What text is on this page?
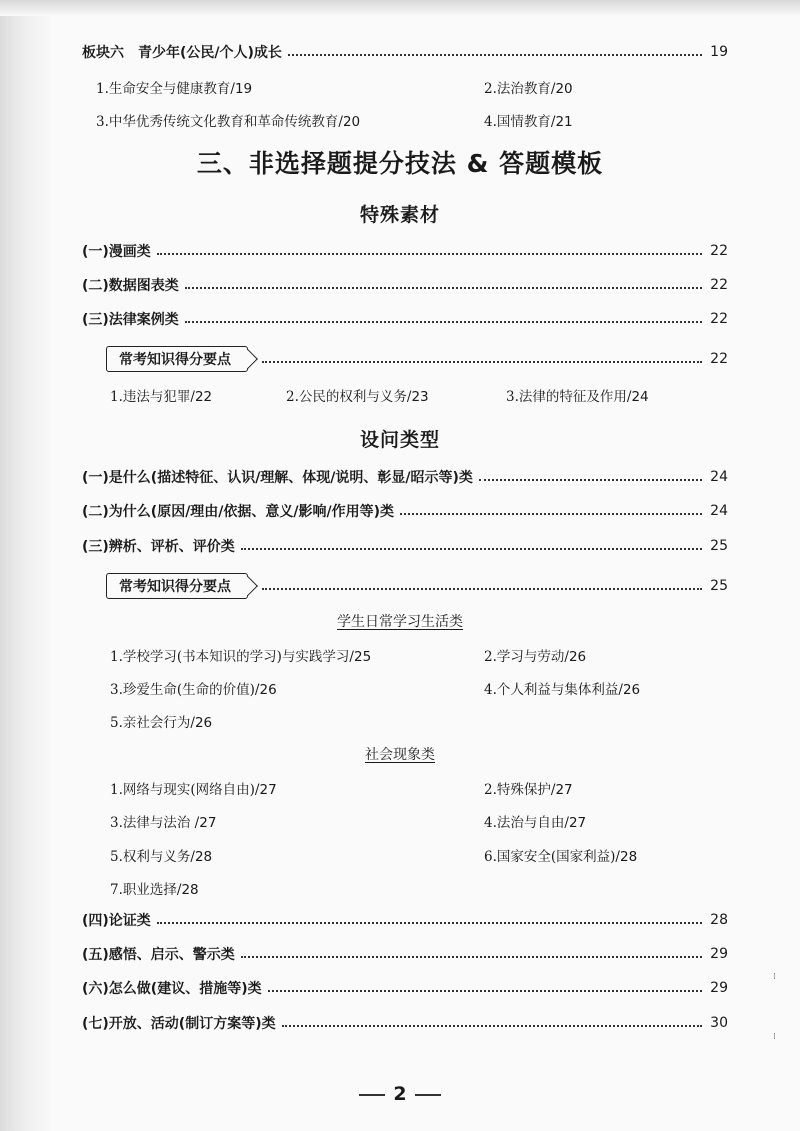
板块六　青少年(公民/个人)成长	19
1.生命安全与健康教育/19	2.法治教育/20
3.中华优秀传统文化教育和革命传统教育/20	4.国情教育/21
三、非选择题提分技法 & 答题模板
特殊素材
(一)漫画类	22
(二)数据图表类	22
(三)法律案例类	22
常考知识得分要点	22
1.违法与犯罪/22	2.公民的权利与义务/23	3.法律的特征及作用/24
设问类型
(一)是什么(描述特征、认识/理解、体现/说明、彰显/昭示等)类	24
(二)为什么(原因/理由/依据、意义/影响/作用等)类	24
(三)辨析、评析、评价类	25
常考知识得分要点	25
学生日常学习生活类
1.学校学习(书本知识的学习)与实践学习/25	2.学习与劳动/26
3.珍爱生命(生命的价值)/26	4.个人利益与集体利益/26
5.亲社会行为/26
社会现象类
1.网络与现实(网络自由)/27	2.特殊保护/27
3.法律与法治 /27	4.法治与自由/27
5.权利与义务/28	6.国家安全(国家利益)/28
7.职业选择/28
(四)论证类	28
(五)感悟、启示、警示类	29
(六)怎么做(建议、措施等)类	29
(七)开放、活动(制订方案等)类	30
2
⁞
⁞
